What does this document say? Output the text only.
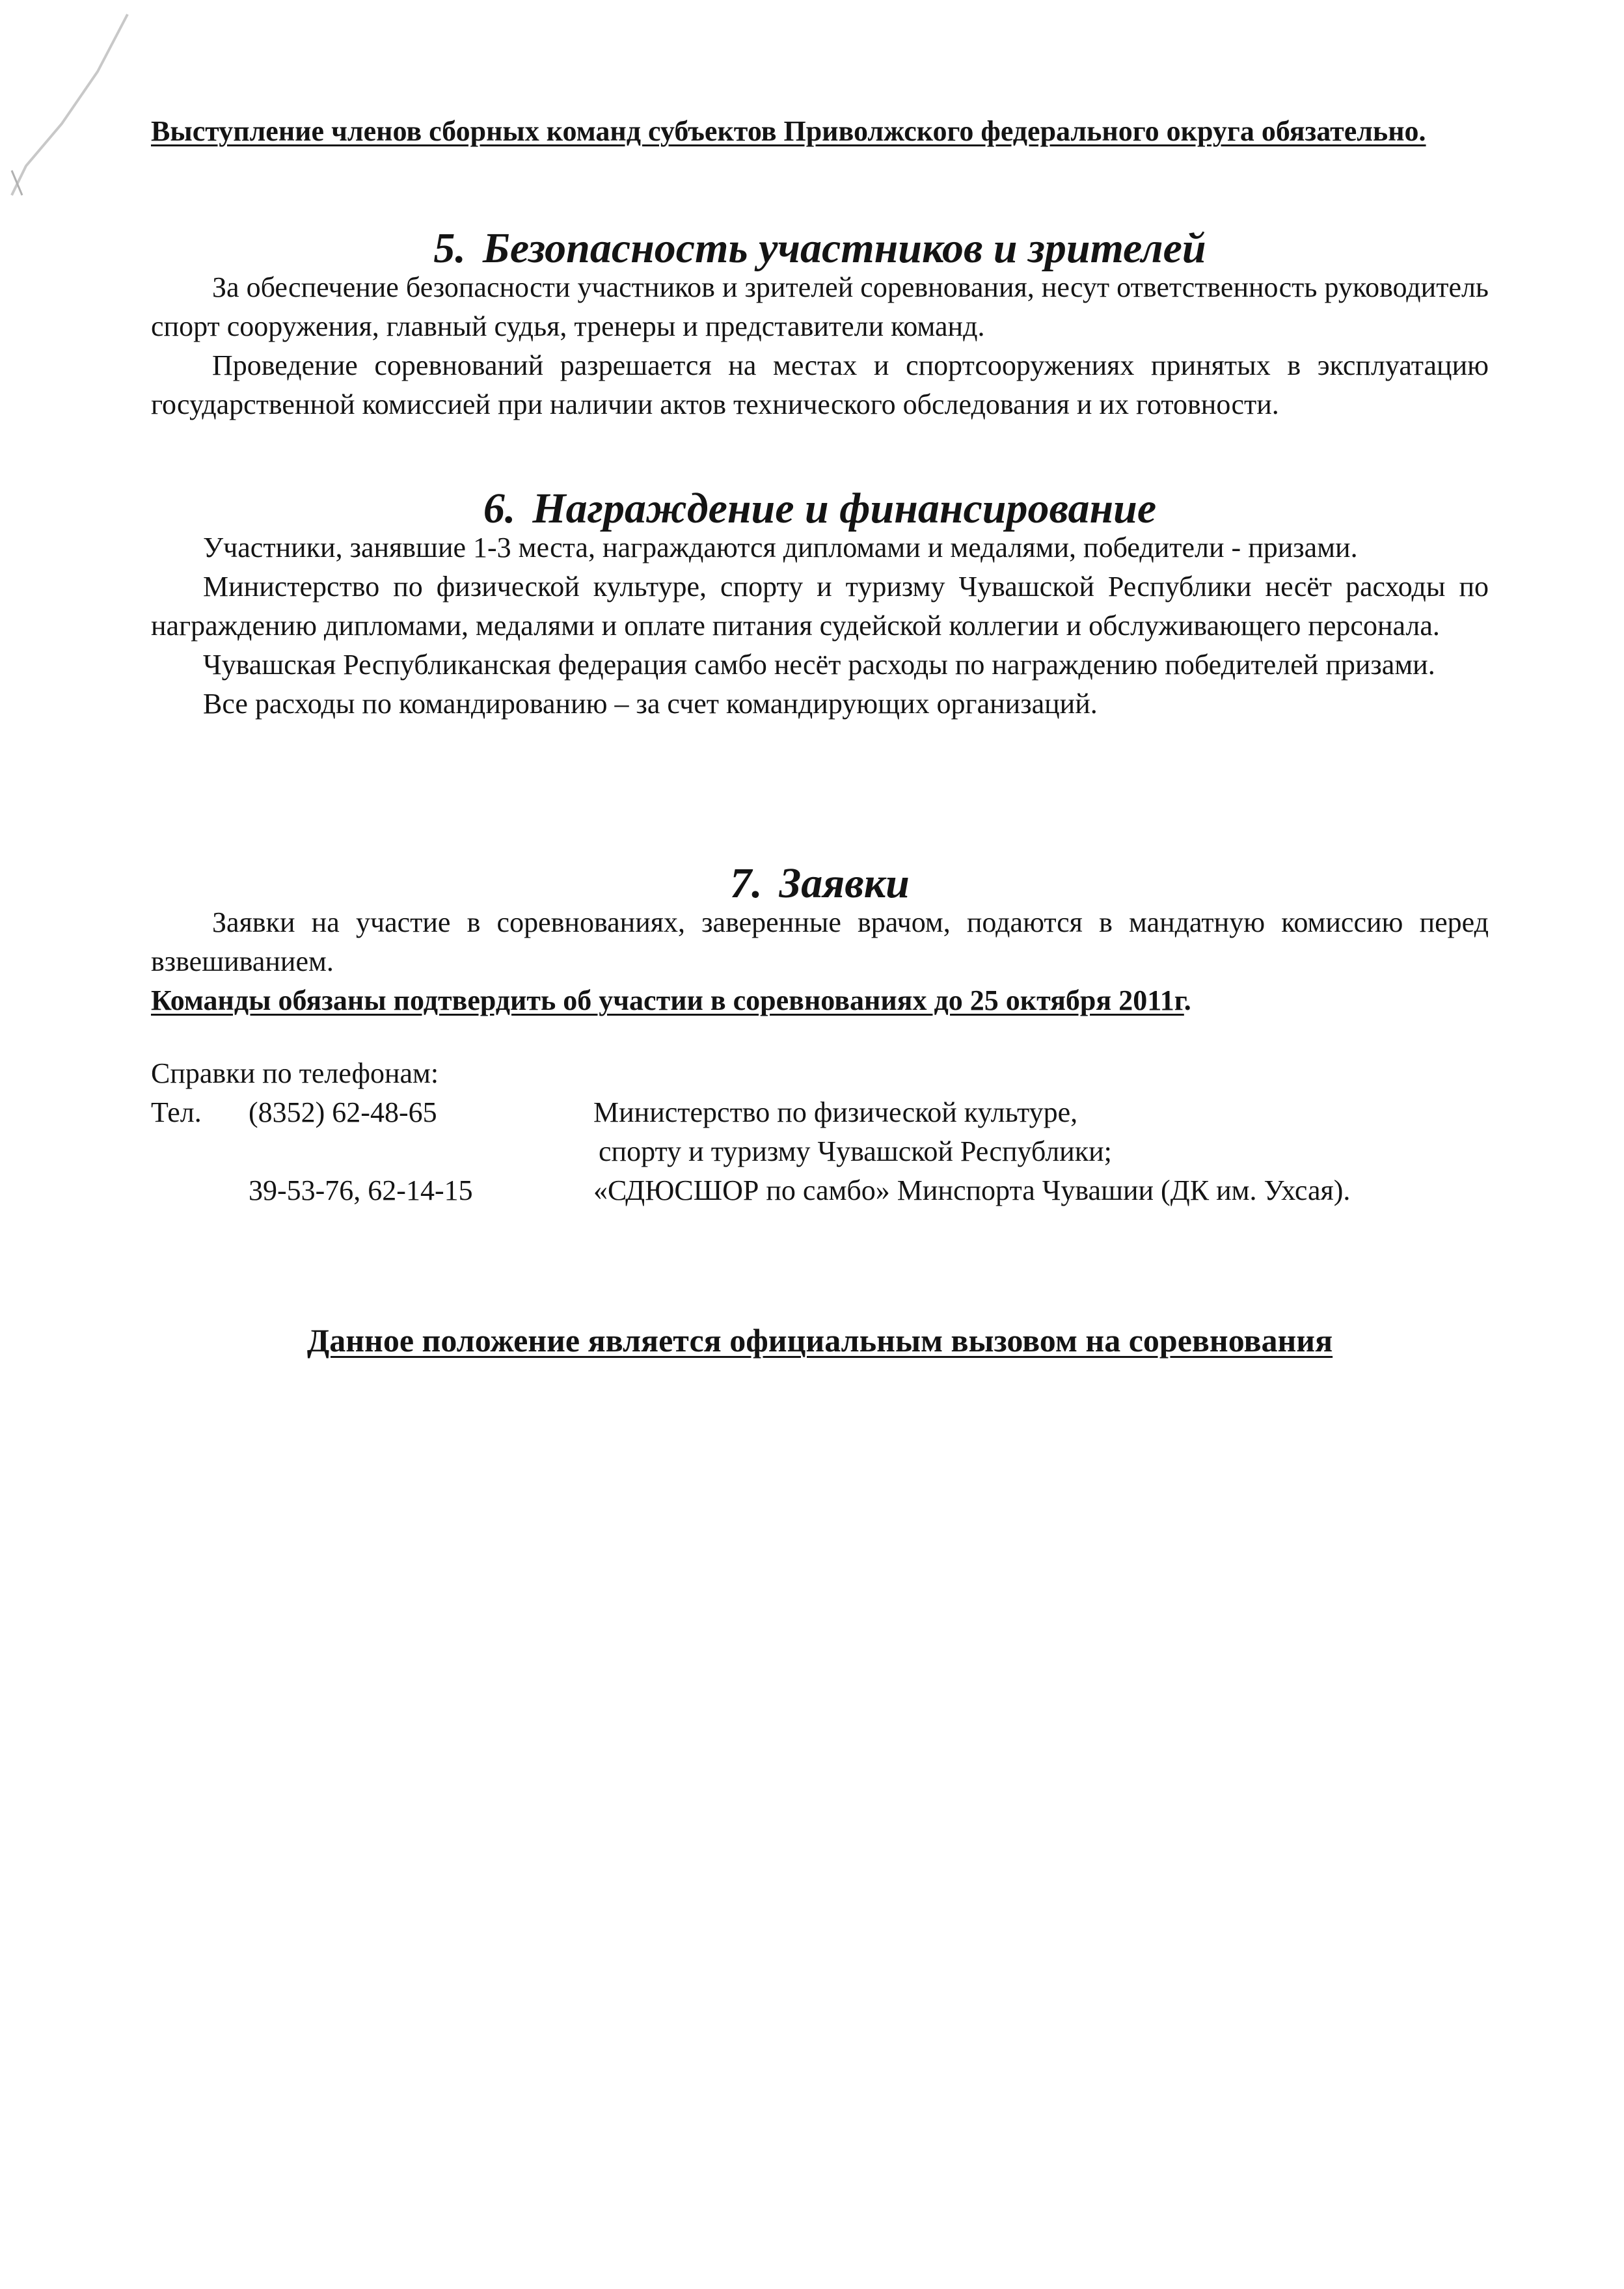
Выступление членов сборных команд субъектов Приволжского федерального округа обязательно.

5. Безопасность участников и зрителей

За обеспечение безопасности участников и зрителей соревнования, несут ответственность руководитель спорт сооружения, главный судья, тренеры и представители команд.

Проведение соревнований разрешается на местах и спортсооружениях принятых в эксплуатацию государственной комиссией при наличии актов технического обследования и их готовности.

6. Награждение и финансирование

Участники, занявшие 1-3 места, награждаются дипломами и медалями, победители - призами.

Министерство по физической культуре, спорту и туризму Чувашской Республики несёт расходы по награждению дипломами, медалями и оплате питания судейской коллегии и обслуживающего персонала.

Чувашская Республиканская федерация самбо несёт расходы по награждению победителей призами.

Все расходы по командированию – за счет командирующих организаций.

7. Заявки

Заявки на участие в соревнованиях, заверенные врачом, подаются в мандатную комиссию перед взвешиванием.

Команды обязаны подтвердить об участии в соревнованиях до 25 октября 2011г.

Справки по телефонам:
Тел.	(8352) 62-48-65	Министерство по физической культуре,
спорту и туризму Чувашской Республики;
39-53-76, 62-14-15	«СДЮСШОР по самбо» Минспорта Чувашии (ДК им. Ухсая).

Данное положение является официальным вызовом на соревнования
